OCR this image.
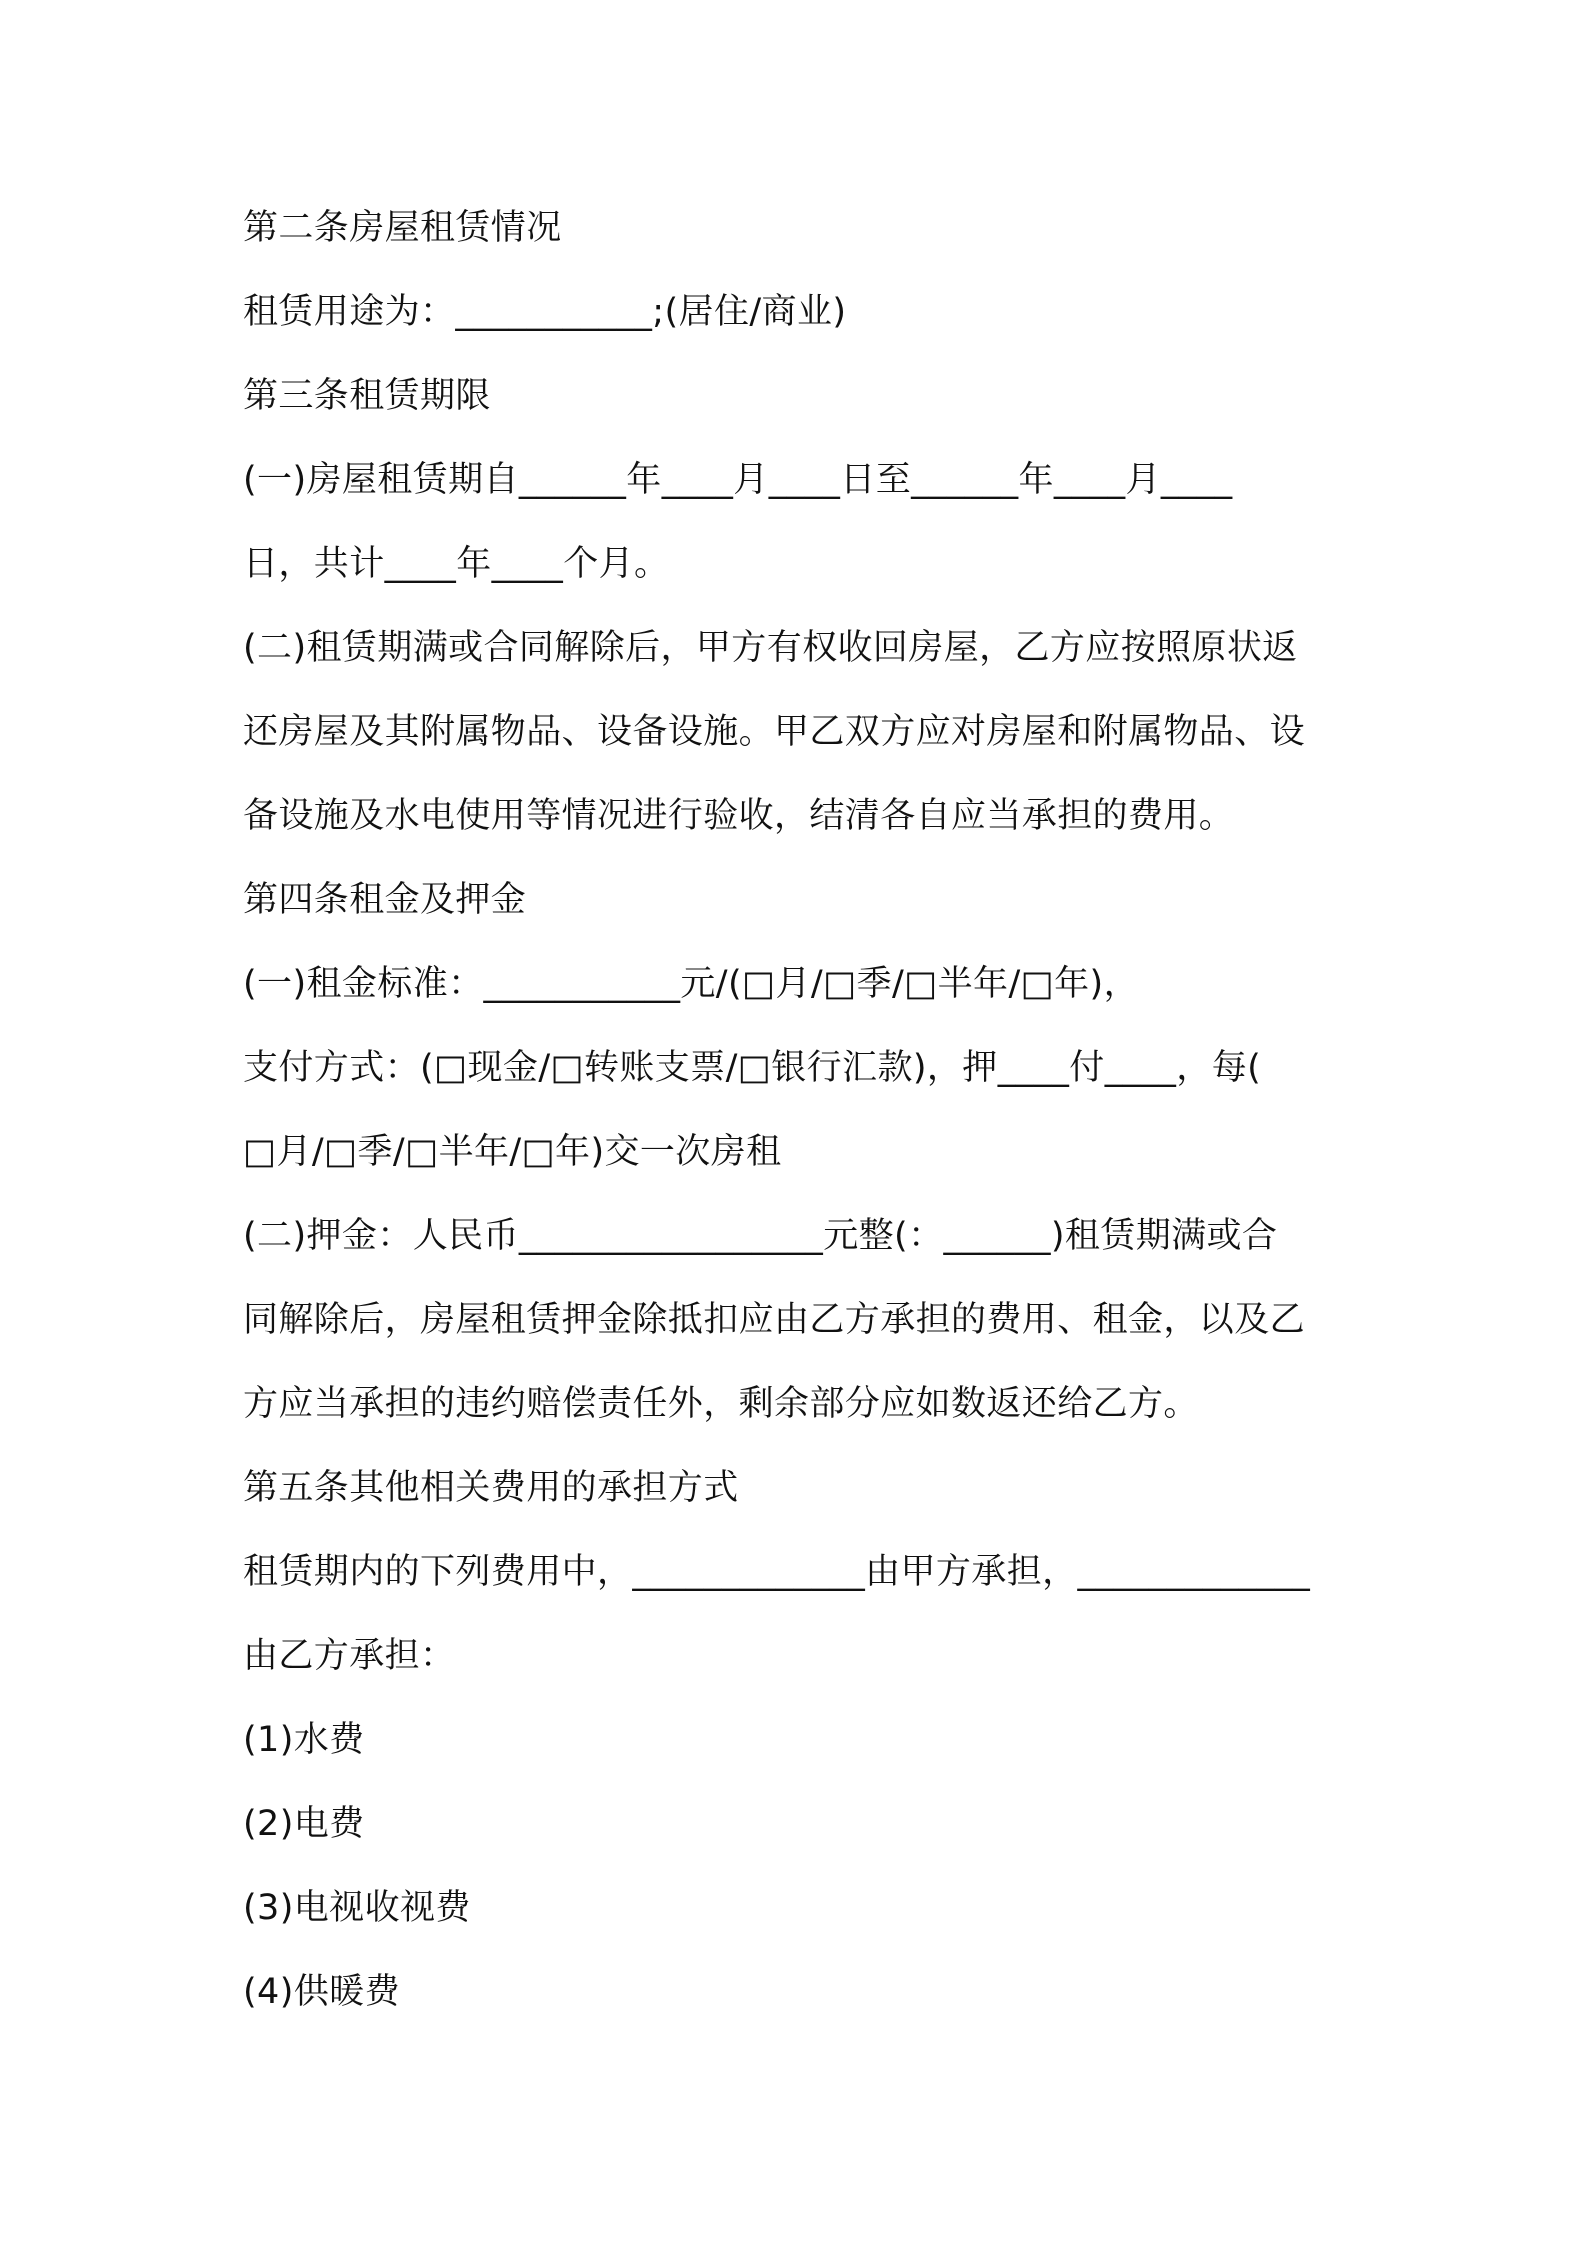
第二条房屋租赁情况
租赁用途为：___________;(居住/商业)
第三条租赁期限
(一)房屋租赁期自______年____月____日至______年____月____
日，共计____年____个月。
(二)租赁期满或合同解除后，甲方有权收回房屋，乙方应按照原状返
还房屋及其附属物品、设备设施。甲乙双方应对房屋和附属物品、设
备设施及水电使用等情况进行验收，结清各自应当承担的费用。
第四条租金及押金
(一)租金标准：___________元/(□月/□季/□半年/□年)，
支付方式：(□现金/□转账支票/□银行汇款)，押____付____，每(
□月/□季/□半年/□年)交一次房租
(二)押金：人民币_________________元整(：______)租赁期满或合
同解除后，房屋租赁押金除抵扣应由乙方承担的费用、租金，以及乙
方应当承担的违约赔偿责任外，剩余部分应如数返还给乙方。
第五条其他相关费用的承担方式
租赁期内的下列费用中，_____________由甲方承担，_____________
由乙方承担：
(1)水费
(2)电费
(3)电视收视费
(4)供暖费
